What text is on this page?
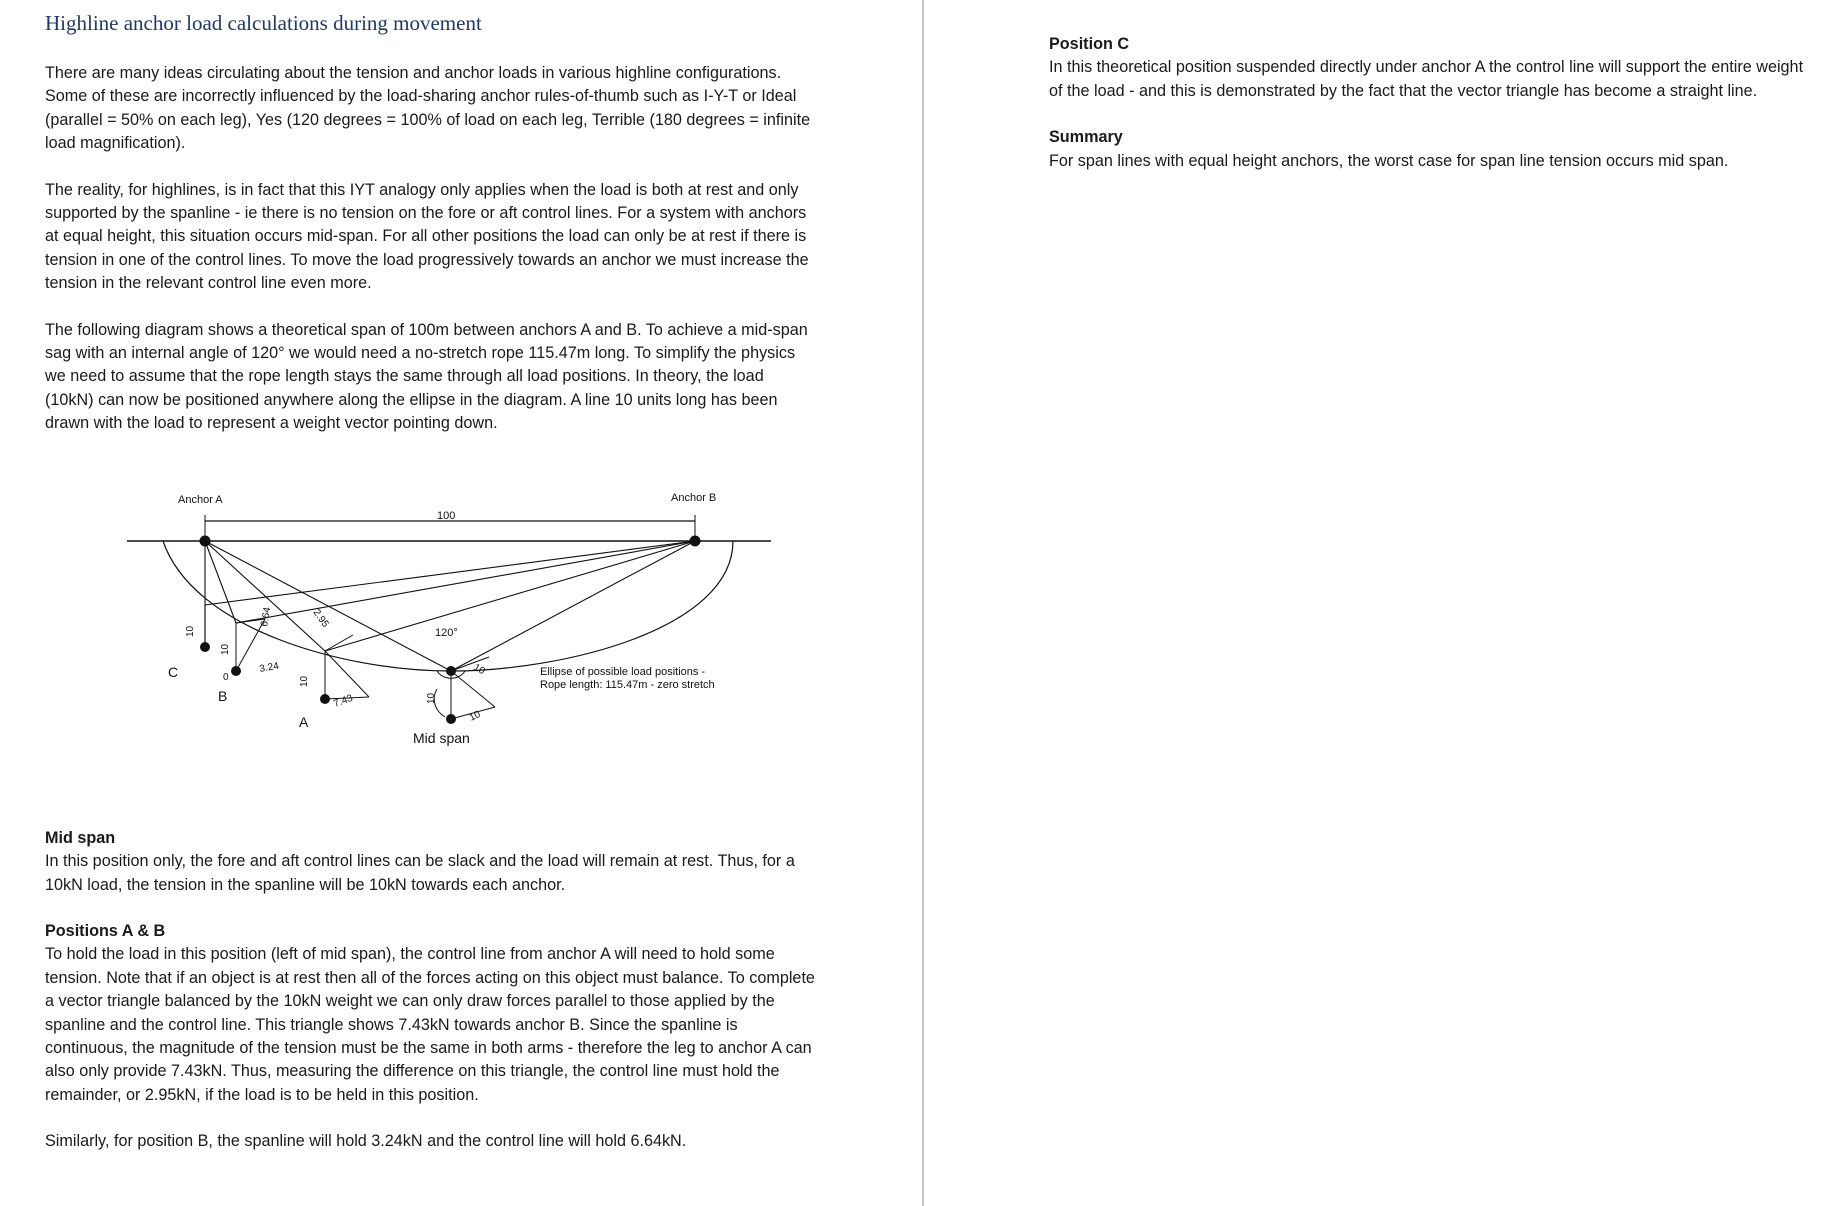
Highline anchor load calculations during movement

There are many ideas circulating about the tension and anchor loads in various highline configurations. Some of these are incorrectly influenced by the load-sharing anchor rules-of-thumb such as I-Y-T or Ideal (parallel = 50% on each leg), Yes (120 degrees = 100% of load on each leg, Terrible (180 degrees = infinite load magnification).

The reality, for highlines, is in fact that this IYT analogy only applies when the load is both at rest and only supported by the spanline - ie there is no tension on the fore or aft control lines. For a system with anchors at equal height, this situation occurs mid-span. For all other positions the load can only be at rest if there is tension in one of the control lines. To move the load progressively towards an anchor we must increase the tension in the relevant control line even more.

The following diagram shows a theoretical span of 100m between anchors A and B. To achieve a mid-span sag with an internal angle of 120° we would need a no-stretch rope 115.47m long. To simplify the physics we need to assume that the rope length stays the same through all load positions. In theory, the load (10kN) can now be positioned anywhere along the ellipse in the diagram. A line 10 units long has been drawn with the load to represent a weight vector pointing down.

Anchor A	Anchor B
100
120°
Ellipse of possible load positions -
Rope length: 115.47m - zero stretch
Mid span
A
B
C
10
10
0
3.24
6.64
10
2.95
7.43	10
10
10
Mid span

In this position only, the fore and aft control lines can be slack and the load will remain at rest. Thus, for a 10kN load, the tension in the spanline will be 10kN towards each anchor.

Positions A & B

To hold the load in this position (left of mid span), the control line from anchor A will need to hold some tension. Note that if an object is at rest then all of the forces acting on this object must balance. To complete a vector triangle balanced by the 10kN weight we can only draw forces parallel to those applied by the spanline and the control line. This triangle shows 7.43kN towards anchor B. Since the spanline is continuous, the magnitude of the tension must be the same in both arms - therefore the leg to anchor A can also only provide 7.43kN. Thus, measuring the difference on this triangle, the control line must hold the remainder, or 2.95kN, if the load is to be held in this position.

Similarly, for position B, the spanline will hold 3.24kN and the control line will hold 6.64kN.

Position C

In this theoretical position suspended directly under anchor A the control line will support the entire weight of the load - and this is demonstrated by the fact that the vector triangle has become a straight line.

Summary

For span lines with equal height anchors, the worst case for span line tension occurs mid span.
